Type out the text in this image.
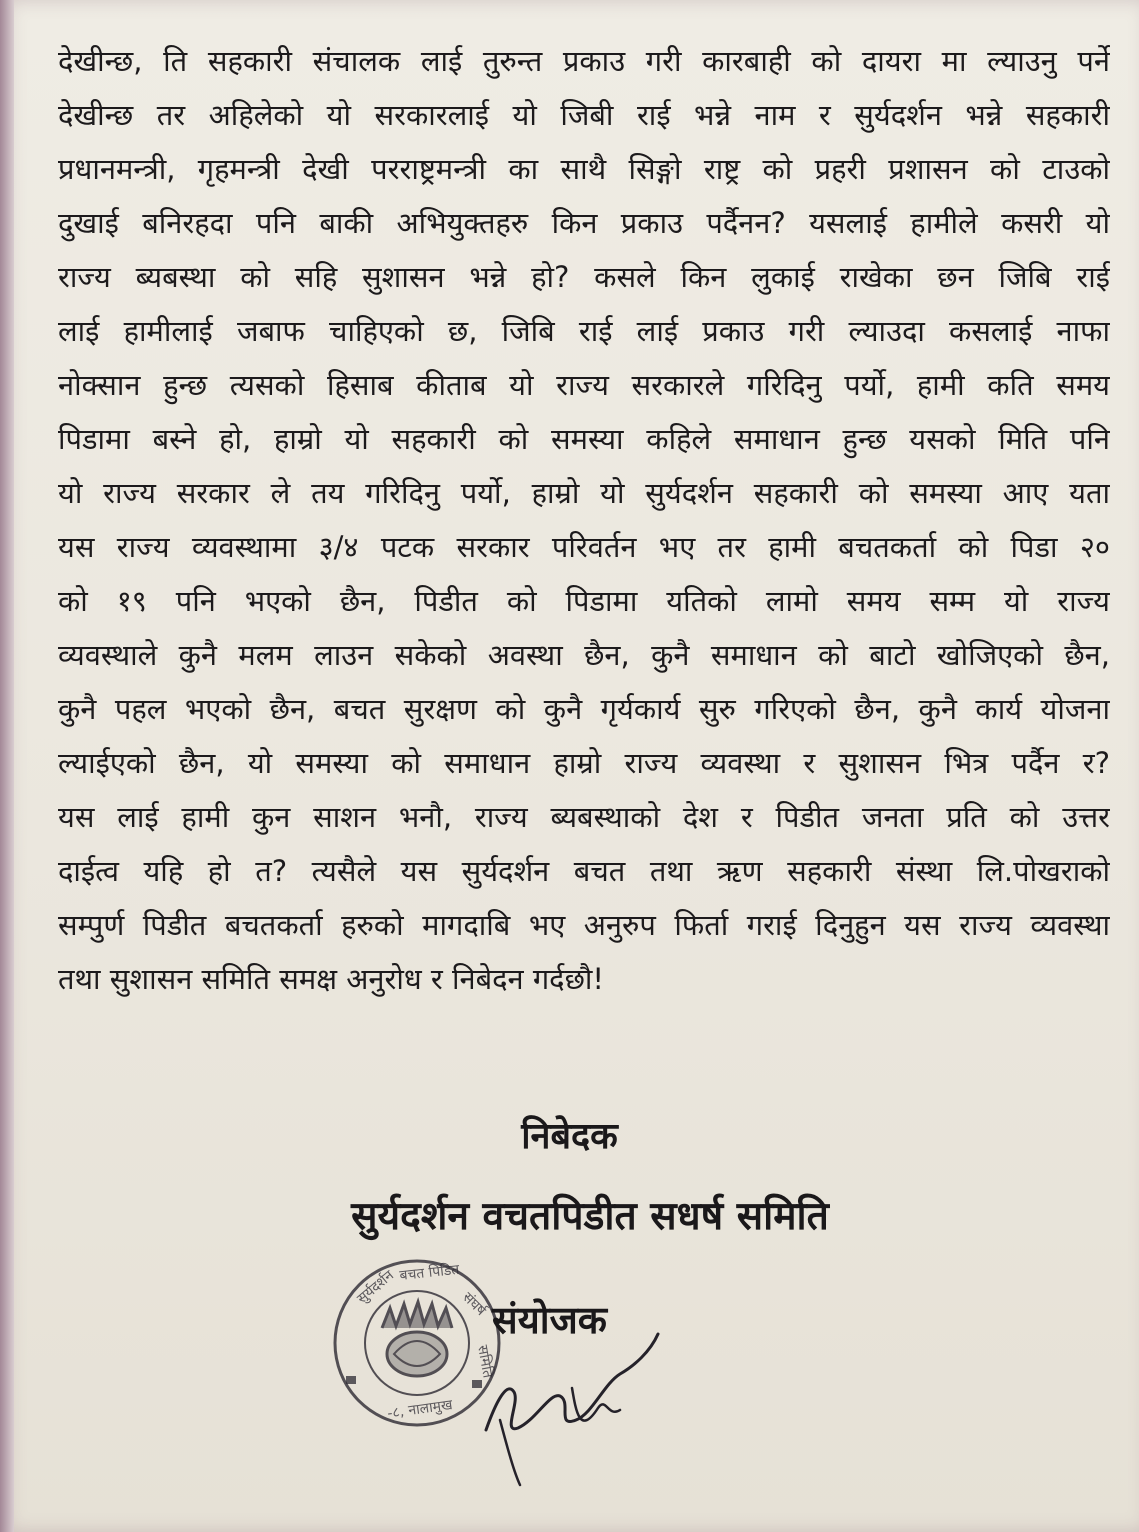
देखीन्छ, ति सहकारी संचालक लाई तुरुन्त प्रकाउ गरी कारबाही को दायरा मा ल्याउनु पर्ने
देखीन्छ तर अहिलेको यो सरकारलाई यो जिबी राई भन्ने नाम र सुर्यदर्शन भन्ने सहकारी
प्रधानमन्त्री, गृहमन्त्री देखी परराष्ट्रमन्त्री का साथै सिङ्गो राष्ट्र को प्रहरी प्रशासन को टाउको
दुखाई बनिरहदा पनि बाकी अभियुक्तहरु किन प्रकाउ पर्दैनन? यसलाई हामीले कसरी यो
राज्य ब्यबस्था को सहि सुशासन भन्ने हो? कसले किन लुकाई राखेका छन जिबि राई
लाई हामीलाई जबाफ चाहिएको छ, जिबि राई लाई प्रकाउ गरी ल्याउदा कसलाई नाफा
नोक्सान हुन्छ त्यसको हिसाब कीताब यो राज्य सरकारले गरिदिनु पर्यो, हामी कति समय
पिडामा बस्ने हो, हाम्रो यो सहकारी को समस्या कहिले समाधान हुन्छ यसको मिति पनि
यो राज्य सरकार ले तय गरिदिनु पर्यो, हाम्रो यो सुर्यदर्शन सहकारी को समस्या आए यता
यस राज्य व्यवस्थामा ३/४ पटक सरकार परिवर्तन भए तर हामी बचतकर्ता को पिडा २०
को १९ पनि भएको छैन, पिडीत को पिडामा यतिको लामो समय सम्म यो राज्य
व्यवस्थाले कुनै मलम लाउन सकेको अवस्था छैन, कुनै समाधान को बाटो खोजिएको छैन,
कुनै पहल भएको छैन, बचत सुरक्षण को कुनै गृर्यकार्य सुरु गरिएको छैन, कुनै कार्य योजना
ल्याईएको छैन, यो समस्या को समाधान हाम्रो राज्य व्यवस्था र सुशासन भित्र पर्दैन र?
यस लाई हामी कुन साशन भनौ, राज्य ब्यबस्थाको देश र पिडीत जनता प्रति को उत्तर
दाईत्व यहि हो त? त्यसैले यस सुर्यदर्शन बचत तथा ऋण सहकारी संस्था लि.पोखराको
सम्पुर्ण पिडीत बचतकर्ता हरुको मागदाबि भए अनुरुप फिर्ता गराई दिनुहुन यस राज्य व्यवस्था
तथा सुशासन समिति समक्ष अनुरोध र निबेदन गर्दछौ!
निबेदक
सुर्यदर्शन वचतपिडीत सधर्ष समिति
सुर्यदर्शन बचत पिडित
संघर्ष
समिति
-८, नालामुख
संयोजक
